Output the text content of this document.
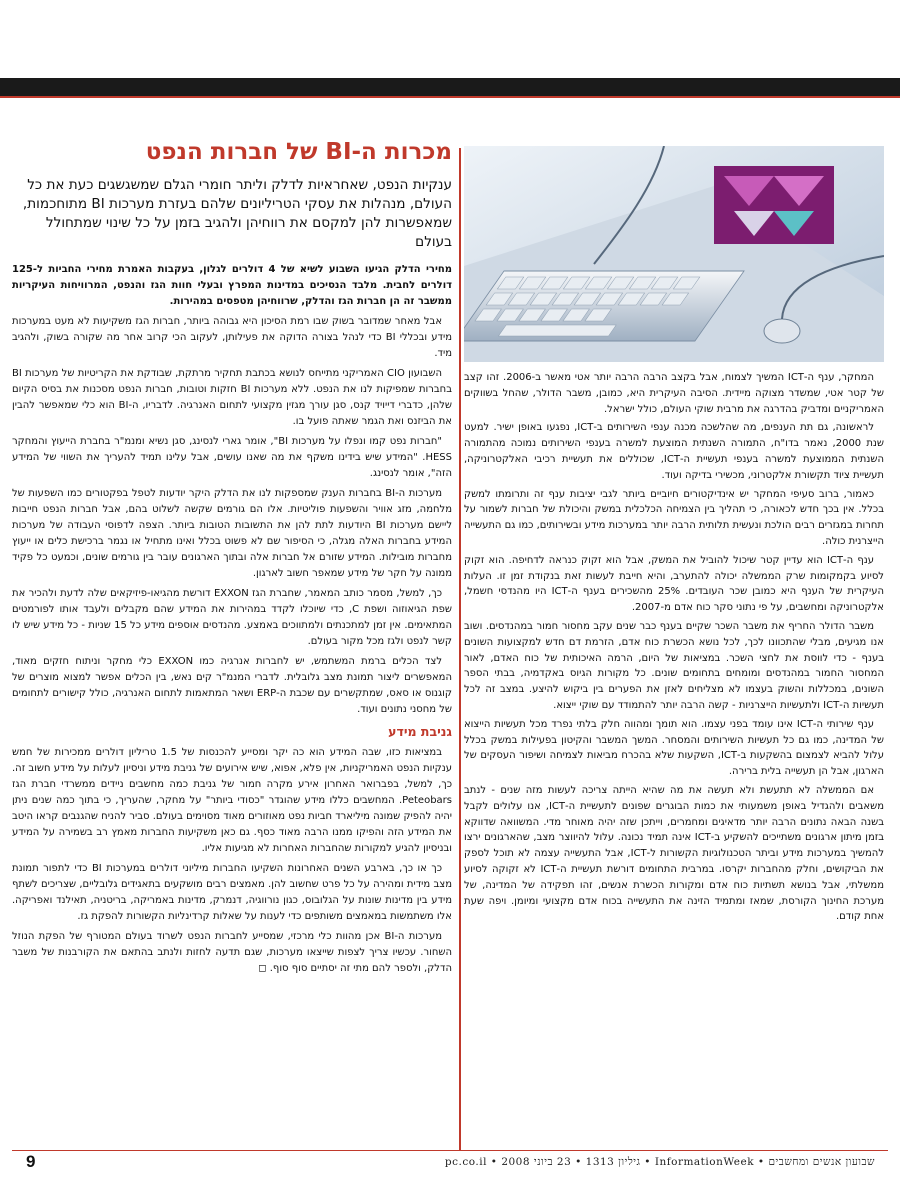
מכרות ה-BI של חברות הנפט

ענקיות הנפט, שאחראיות לדלק וליתר חומרי הגלם שמשגשגים כעת את כל העולם, מנהלות את עסקי הטריליונים שלהם בעזרת מערכות BI מתוחכמות, שמאפשרות להן למקסם את רווחיהן ולהגיב בזמן על כל שינוי שמתחולל בעולם

מחירי הדלק הגיעו השבוע לשיא של 4 דולרים לגלון, בעקבות האמרת מחירי החביות ל-125 דולרים לחבית. מלבד הנסיכים במדינות המפרץ ובעלי חוות הגז והנפט, המרוויחות העיקריות ממשבר זה הן חברות הגז והדלק, שרווחיהן מטפסים במהירות.

אבל מאחר שמדובר בשוק שבו רמת הסיכון היא גבוהה ביותר, חברות הגז משקיעות לא מעט במערכות מידע ובכללי BI כדי לנהל בצורה הדוקה את פעילותן, לעקוב הכי קרוב אחר מה שקורה בשוק, ולהגיב מיד.

השבועון CIO האמריקני מתייחס לנושא בכתבת תחקיר מרתקת, שבודקת את הקריטיות של מערכות BI בחברות שמפיקות לנו את הנפט. ללא מערכות BI חזקות וטובות, חברות הנפט מסכנות את בסיס הקיום שלהן, כדברי דייויד קנס, סגן עורך מגזין מקצועי לתחום האנרגיה. לדבריו, ה-BI הוא כלי שמאפשר להבין את הביזנס ואת הגמר שאתה פועל בו.

"חברות נפט קמו ונפלו על מערכות BI", אומר גארי לנסינג, סגן נשיא ומנמ"ר בחברת הייעוץ והמחקר HESS. "המידע שיש בידינו משקף את מה שאנו עושים, אבל עלינו תמיד להעריך את השווי של המידע הזה", אומר לנסינג.

מערכות ה-BI בחברות הענק שמספקות לנו את הדלק היקר יודעות לטפל בפקטורים כמו השפעות של מלחמה, מזג אוויר והשפעות פוליטיות. אלו הם גורמים שקשה לשלוט בהם, אבל חברות הנפט חייבות ליישם מערכות BI היודעות לתת להן את התשובות הטובות ביותר. הצפה לדפוסי העבודה של מערכות המידע בחברות האלה מגלה, כי הסיפור שם לא פשוט בכלל ואינו מתחיל או נגמר ברכישת כלים או ייעוץ מחברות מובילות. המידע שזורם אל חברות אלה ובתוך הארגונים עובר בין גורמים שונים, וכמעט כל פקיד ממונה על חקר של מידע שמאפר חשוב לארגון.

כך, למשל, מסמר כותב המאמר, שחברת הגז EXXON דורשת מהגיאו-פיזיקאים שלה לדעת ולהכיר את שפת הגיאוזוה ושפת C, כדי שיוכלו לקדד במהירות את המידע שהם מקבלים ולעבד אותו לפורמטים המתאימים. אין זמן למתכנתים ולמתווכים באמצע. מהנדסים אוספים מידע כל 15 שניות - כל מידע שיש לו קשר לנפט ולגז מכל מקור בעולם.

לצד הכלים ברמת המשתמש, יש לחברות אנרגיה כמו EXXON כלי מחקר וניתוח חזקים מאוד, המאפשרים ליצור תמונת מצב גלובלית. לדברי המנמ"ר קים נאש, בין הכלים אפשר למצוא מוצרים של קוגנוס או סאס, שמתקשרים עם שכבת ה-ERP ושאר המתאמות לתחום האנרגיה, כולל קישורים לתחומים של מחסני נתונים ועוד.

גניבת מידע

במציאות כזו, שבה המידע הוא כה יקר ומסייע להכנסות של 1.5 טריליון דולרים ממכירות של חמש ענקיות הנפט האמריקניות, אין פלא, אפוא, שיש אירועים של גניבת מידע וניסיון לעלות על מידע חשוב זה. כך, למשל, בפברואר האחרון אירע מקרה חמור של גניבת כמה מחשבים ניידים ממשרדי חברת הגז Peteobars. המחשבים כללו מידע שהוגדר "כסודי ביותר" על מחקר, שהעריך, כי בתוך כמה שנים ניתן יהיה להפיק שמונה מיליארד חביות נפט מאוזורים מאוד מסוימים בעולם. סביר להניח שהגנבים קראו היטב את המידע הזה והפיקו ממנו הרבה מאוד כסף. גם כאן משקיעות החברות מאמץ רב בשמירה על המידע ובניסיון להגיע למקורות שהחברות האחרות לא מגיעות אליו.

כך או כך, בארבע השנים האחרונות השקיעו החברות מיליוני דולרים במערכות BI כדי לתפור תמונת מצב מידית ומהירה על כל פרט שחשוב להן. מאמצים רבים מושקעים בתאגידים גלובליים, שצריכים לשתף מידע בין מדינות שונות על הגלובוס, כגון נורווגיה, דנמרק, מדינות באמריקה, בריטניה, תאילנד ואפריקה. אלו משתמשות במאמצים משותפים כדי לענות על שאלות קרדינליות הקשורות להפקת גז.

מערכות ה-BI אכן מהוות כלי מרכזי, שמסייע לחברות הנפט לשרוד בעולם המטורף של הפקת הנוזל השחור. עכשיו צריך לצפות שייצאו מערכות, שגם תדעה לחזות ולנתב בהתאם את הקורבנות של משבר הדלק, ולספר להם מתי זה יסתיים סוף סוף. ◻

המחקר, ענף ה-ICT המשיך לצמוח, אבל בקצב הרבה הרבה יותר אטי מאשר ב-2006. זהו קצב של קטר אטי, שמשדר מצוקה מיידית. הסיבה העיקרית היא, כמובן, משבר הדולר, שהחל בשווקים האמריקניים ומדביק בהדרגה את מרבית שוקי העולם, כולל ישראל.

לראשונה, גם תת הענפים, מה שהלשכה מכנה ענפי השירותים ב-ICT, נפגעו באופן ישיר. למעט שנת 2000, נאמר בדו"ח, התמורה השנתית המוצעת למשרה בענפי השירותים נמוכה מהתמורה השנתית הממוצעת למשרה בענפי תעשיית ה-ICT, שכוללים את תעשיית רכיבי האלקטרוניקה, תעשיית ציוד תקשורת אלקטרוני, מכשירי בדיקה ועוד.

כאמור, ברוב סעיפי המחקר יש אינדיקטורים חיוביים ביותר לגבי יציבות ענף זה ותרומתו למשק בכלל. אין בכך חדש לכאורה, כי תהליך בין הצמיחה הכלכלית במשק והיכולת של חברות לשמור על תחרות במגזרים רבים הולכת ונעשית תלותית הרבה יותר במערכות מידע ובשירותים, כמו גם התעשייה הייצרנית כולה.

ענף ה-ICT הוא עדיין קטר שיכול להוביל את המשק, אבל הוא זקוק כנראה לדחיפה. הוא זקוק לסיוע בקמקומות שרק הממשלה יכולה להתערב, והיא חייבת לעשות זאת בנקודת זמן זו. העלות העיקרית של הענף היא כמובן שכר העובדים. 25% מהשכירים בענף ה-ICT היו מהנדסי חשמל, אלקטרוניקה ומחשבים, על פי נתוני סקר כוח אדם מ-2007.

משבר הדולר החריף את משבר השכר שקיים בענף כבר שנים עקב מחסור חמור במהנדסים. ושוב אנו מגיעים, מבלי שהתכוונו לכך, לכל נושא הכשרת כוח אדם, הזרמת דם חדש למקצועות השונים בענף - כדי לווסת את לחצי השכר. במציאות של היום, הרמה האיכותית של כוח האדם, לאור המחסור החמור במהנדסים ומומחים בתחומים שונים. כל מקורות הגיוס באקדמיה, בבתי הספר השונים, במכללות והשוק בעצמו לא מצליחים לאזן את הפערים בין ביקוש להיצע. במצב זה לכל תעשיות ה-ICT ולתעשיות הייצרניות - קשה הרבה יותר להתמודד עם שוקי ייצוא.

ענף שירותי ה-ICT אינו עומד בפני עצמו. הוא תומך ומהווה חלק בלתי נפרד מכל תעשיות הייצוא של המדינה, כמו גם כל תעשיות השירותים והמסחר. המשך המשבר והקיטון בפעילות במשק בכלל עלול להביא לצמצום בהשקעות ב-ICT, השקעות שלא בהכרח מביאות לצמיחה ושיפור העסקים של הארגון, אבל הן תעשייה בלית ברירה.

אם הממשלה לא תתעשת ולא תעשה את מה שהיא הייתה צריכה לעשות מזה שנים - לנתב משאבים ולהגדיל באופן משמעותי את כמות הבוגרים שפונים לתעשיית ה-ICT, אנו עלולים לקבל בשנה הבאה נתונים הרבה יותר מדאיגים ומחמרים, וייתכן שזה יהיה מאוחר מדי. המשוואה שדווקא בזמן מיתון ארגונים משתייכים להשקיע ב-ICT אינה תמיד נכונה. עלול להיווצר מצב, שהארגונים ירצו להמשיך במערכות מידע וביתר הטכנולוגיות הקשורות ל-ICT, אבל התעשייה עצמה לא תוכל לספק את הביקושים, וחלק מהחברות יקרסו. במרבית התחומים דורשת תעשיית ה-ICT לא זקוקה לסיוע ממשלתי, אבל בנושא תשתיות כוח אדם ומקורות הכשרת אנשים, זהו תפקידה של המדינה, של מערכת החינוך הקורסת, שמאז ומתמיד הזינה את התעשייה בכוח אדם מקצועי ומיומן. ויפה שעת אחת קודם.

שבועון אנשים ומחשבים • InformationWeek • גיליון 1313 • 23 ביוני 2008 • pc.co.il
9
